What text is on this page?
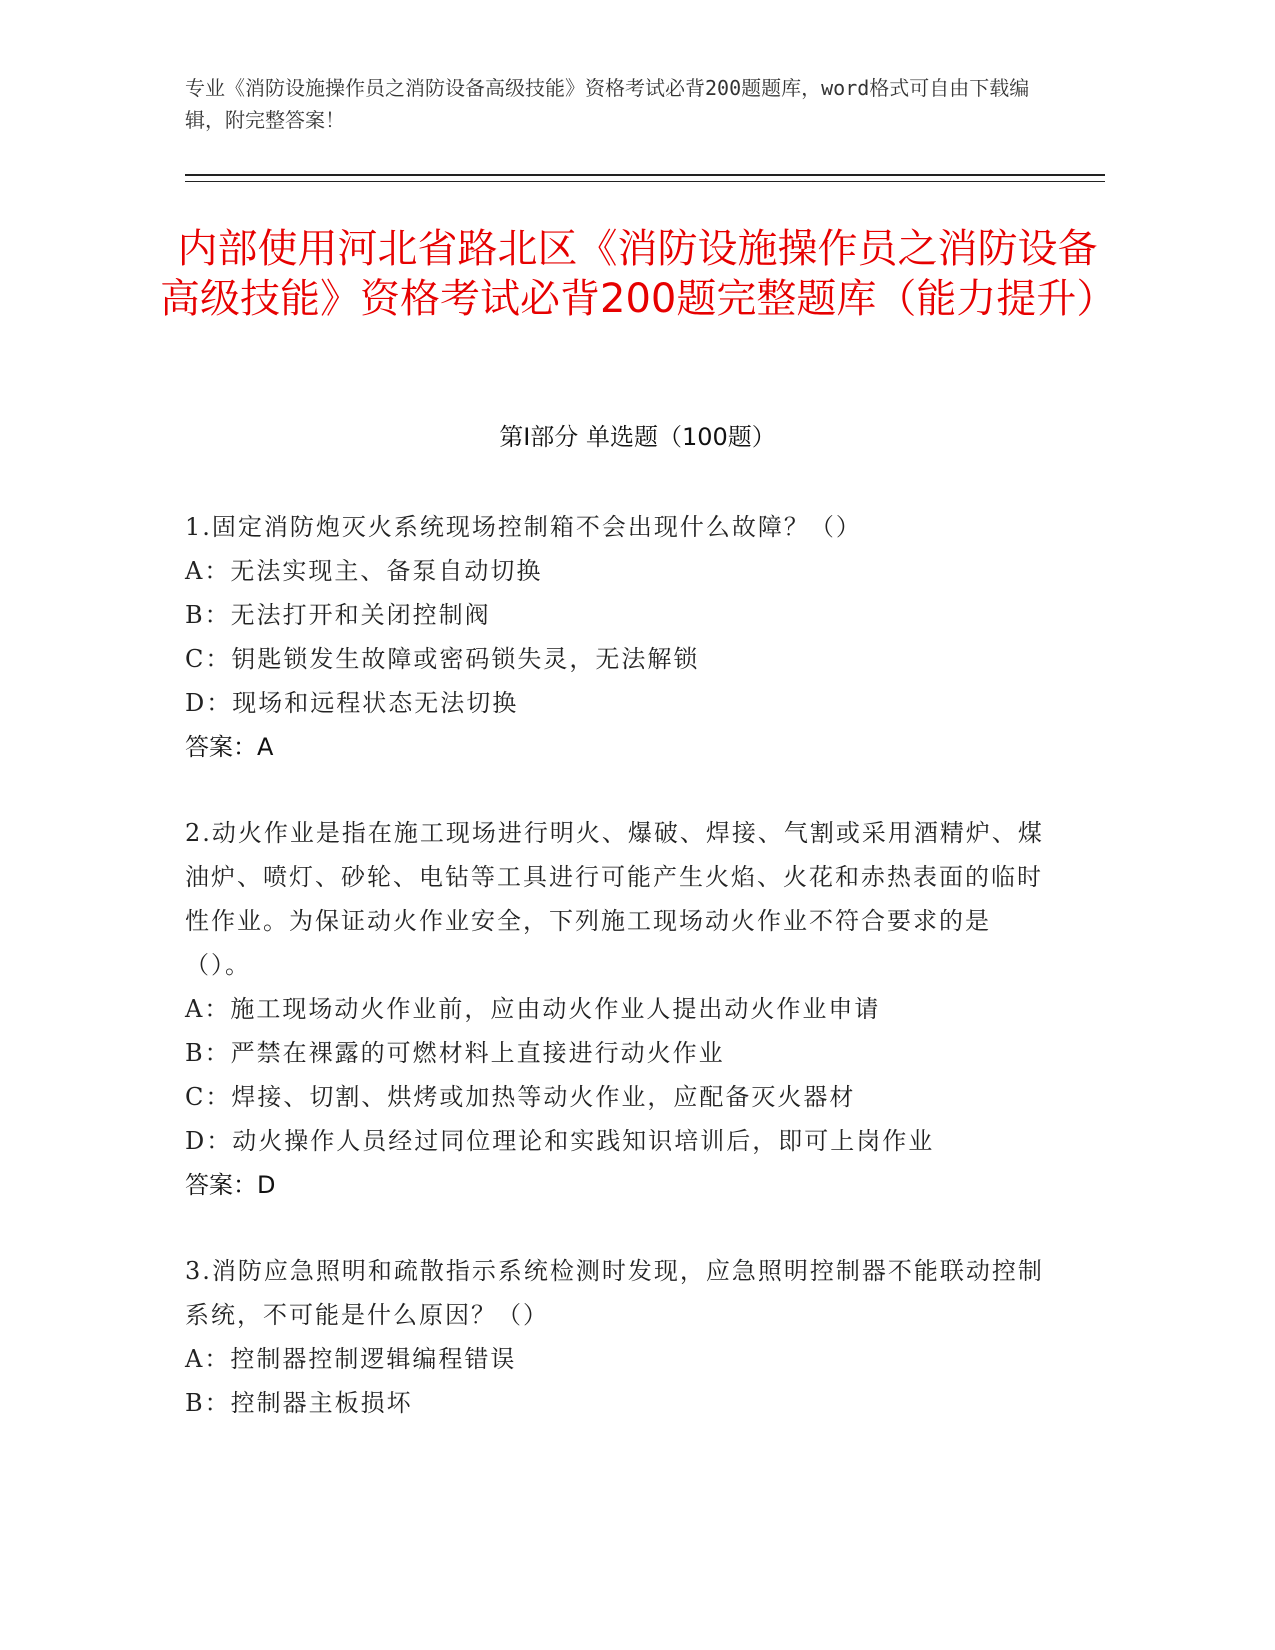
专业《消防设施操作员之消防设备高级技能》资格考试必背200题题库，word格式可自由下载编辑，附完整答案！
内部使用河北省路北区《消防设施操作员之消防设备高级技能》资格考试必背200题完整题库（能力提升）
第I部分 单选题（100题）
1.固定消防炮灭火系统现场控制箱不会出现什么故障？（）
A：无法实现主、备泵自动切换
B：无法打开和关闭控制阀
C：钥匙锁发生故障或密码锁失灵，无法解锁
D：现场和远程状态无法切换
答案：A
2.动火作业是指在施工现场进行明火、爆破、焊接、气割或采用酒精炉、煤油炉、喷灯、砂轮、电钻等工具进行可能产生火焰、火花和赤热表面的临时性作业。为保证动火作业安全，下列施工现场动火作业不符合要求的是（）。
A：施工现场动火作业前，应由动火作业人提出动火作业申请
B：严禁在裸露的可燃材料上直接进行动火作业
C：焊接、切割、烘烤或加热等动火作业，应配备灭火器材
D：动火操作人员经过同位理论和实践知识培训后，即可上岗作业
答案：D
3.消防应急照明和疏散指示系统检测时发现，应急照明控制器不能联动控制系统，不可能是什么原因？（）
A：控制器控制逻辑编程错误
B：控制器主板损坏
